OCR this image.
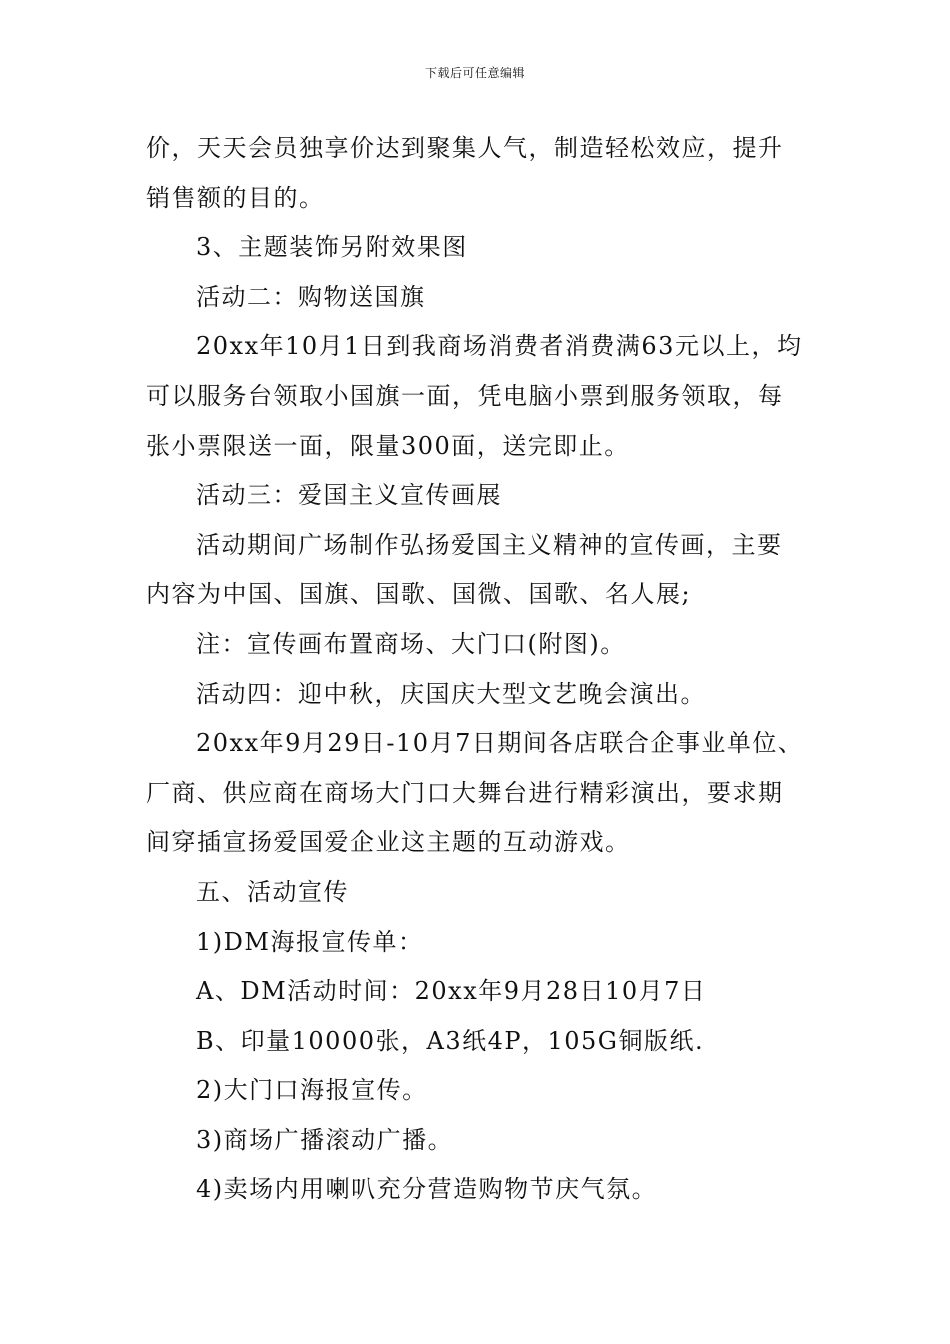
下载后可任意编辑

价，天天会员独享价达到聚集人气，制造轻松效应，提升
销售额的目的。

3、主题装饰另附效果图

活动二：购物送国旗

20xx年10月1日到我商场消费者消费满63元以上，均
可以服务台领取小国旗一面，凭电脑小票到服务领取，每
张小票限送一面，限量300面，送完即止。

活动三：爱国主义宣传画展

活动期间广场制作弘扬爱国主义精神的宣传画，主要
内容为中国、国旗、国歌、国微、国歌、名人展;

注：宣传画布置商场、大门口(附图)。

活动四：迎中秋，庆国庆大型文艺晚会演出。

20xx年9月29日-10月7日期间各店联合企事业单位、
厂商、供应商在商场大门口大舞台进行精彩演出，要求期
间穿插宣扬爱国爱企业这主题的互动游戏。

五、活动宣传

1)DM海报宣传单：

A、DM活动时间：20xx年9月28日10月7日

B、印量10000张，A3纸4P，105G铜版纸.

2)大门口海报宣传。

3)商场广播滚动广播。

4)卖场内用喇叭充分营造购物节庆气氛。
